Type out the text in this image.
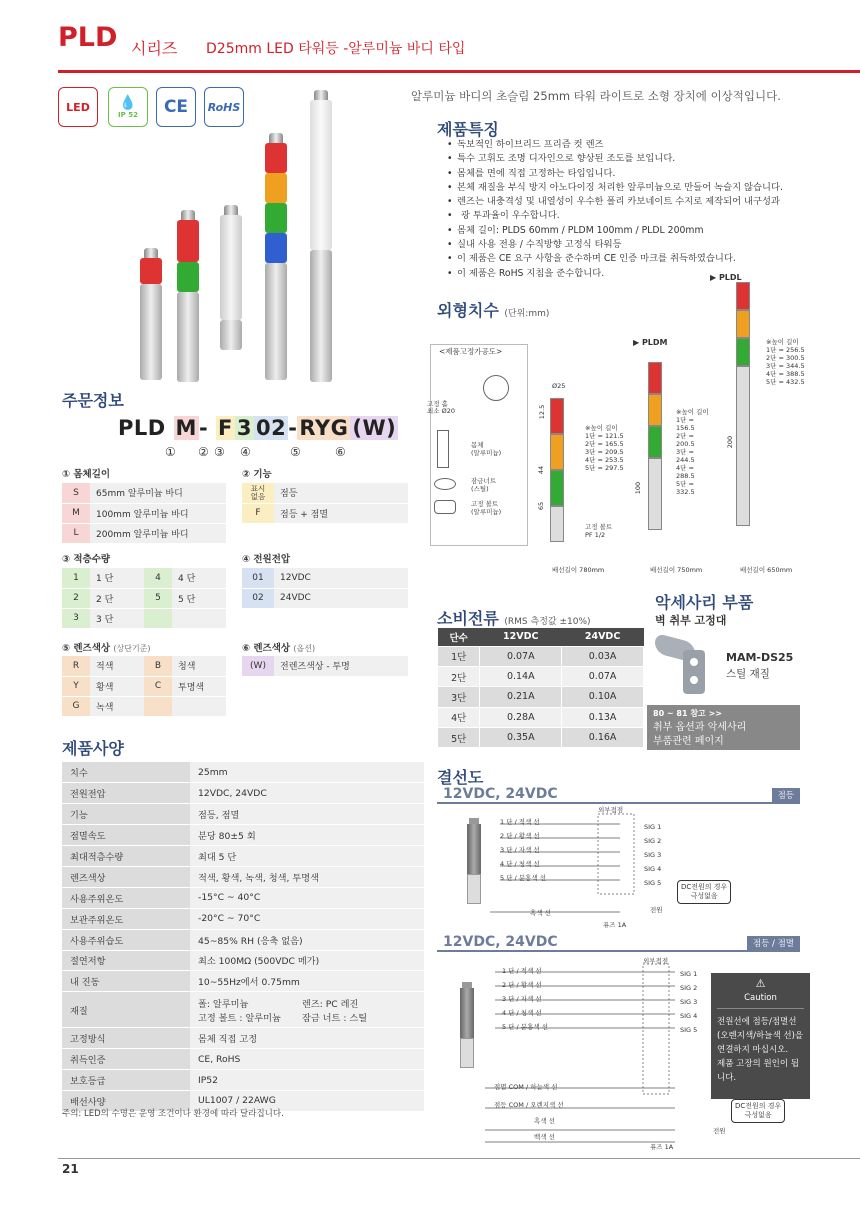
PLD 시리즈 D25mm LED 타워등 -알루미늄 바디 타입
LED 💧
IP 52 CE RoHS
알루미늄 바디의 초슬림 25mm 타워 라이트로 소형 장치에 이상적입니다.
제품특징
• 독보적인 하이브리드 프리즘 컷 렌즈
• 특수 고휘도 조명 디자인으로 향상된 조도를 보입니다.
• 몸체를 면에 직접 고정하는 타입입니다.
• 본체 재질을 부식 방지 아노다이징 처리한 알루미늄으로 만들어 녹슬지 않습니다.
• 렌즈는 내충격성 및 내열성이 우수한 폴리 카보네이트 수지로 제작되어 내구성과
• 광 투과율이 우수합니다.
• 몸체 길이: PLDS 60mm / PLDM 100mm / PLDL 200mm
• 실내 사용 전용 / 수직방향 고정식 타워등
• 이 제품은 CE 요구 사항을 준수하며 CE 인증 마크를 취득하였습니다.
• 이 제품은 RoHS 지침을 준수합니다.
외형치수 (단위:mm)
▶ PLDL
▶ PLDM
<제품고정가공도>
고정 홀
최소 Ø20
몸체
(알루미늄)
잠금너트
(스틸)
고정 볼트
(알루미늄)
Ø25
12.5
44
65
※높이 길이
1단 = 121.5
2단 = 165.5
3단 = 209.5
4단 = 253.5
5단 = 297.5
고정 볼트
PF 1/2
배선길이 780mm
100
※높이 길이
1단 = 156.5
2단 = 200.5
3단 = 244.5
4단 = 288.5
5단 = 332.5
배선길이 750mm
200
※높이 길이
1단 = 256.5
2단 = 300.5
3단 = 344.5
4단 = 388.5
5단 = 432.5
배선길이 650mm
주문정보
PLD M- F 3 02-RYG (W)
① ② ③ ④	⑤	⑥
① 몸체길이
S	65mm 알루미늄 바디
M	100mm 알루미늄 바디
L	200mm 알루미늄 바디
② 기능
표시 없음	점등
F	점등 + 점멸
③ 적층수량
1	1 단	4	4 단
2	2 단	5	5 단
3	3 단		
④ 전원전압
01	12VDC
02	24VDC
⑤ 렌즈색상 (상단기준)
R	적색	B	청색
Y	황색	C	투명색
G	녹색		
⑥ 렌즈색상 (옵션)
(W)	전렌즈색상 - 투명
제품사양
치수	25mm
전원전압	12VDC, 24VDC
기능	점등, 점멸
점멸속도	분당 80±5 회
최대적층수량	최대 5 단
렌즈색상	적색, 황색, 녹색, 청색, 투명색
사용주위온도	-15°C ~ 40°C
보관주위온도	-20°C ~ 70°C
사용주위습도	45~85% RH (응축 없음)
절연저항	최소 100MΩ (500VDC 메가)
내 진동	10~55Hz에서 0.75mm
재질	폴: 알루미늄 렌즈: PC 레진
고정 볼트 : 알루미늄 잠금 너트 : 스틸

고정방식	몸체 직접 고정
취득인증	CE, RoHS
보호등급	IP52
배선사양	UL1007 / 22AWG
주의: LED의 수명은 운영 조건이나 환경에 따라 달라집니다.
소비전류 (RMS 측정값 ±10%)
단수	12VDC	24VDC
1단	0.07A	0.03A
2단	0.14A	0.07A
3단	0.21A	0.10A
4단	0.28A	0.13A
5단	0.35A	0.16A
악세사리 부품
벽 취부 고정대
MAM-DS25
스틸 재질
80 ~ 81 참고 >>
취부 옵션과 악세사리
부품관련 페이지
결선도
12VDC, 24VDC	점등
1 단 / 적색 선
2 단 / 황색 선
3 단 / 자색 선
4 단 / 청색 선
5 단 / 분홍색 선
외부접점
SIG 1
SIG 2
SIG 3
SIG 4
SIG 5
흑색 선	전원
퓨즈 1A
DC전원의 경우
극성없음
12VDC, 24VDC	점등 / 점멸
1 단 / 적색 선
2 단 / 황색 선
3 단 / 자색 선
4 단 / 청색 선
5 단 / 분홍색 선
외부접점
SIG 1
SIG 2
SIG 3
SIG 4
SIG 5
점멸 COM / 하늘색 선
점등 COM / 오렌지색 선
흑색 선
백색 선
전원
퓨즈 1A
DC전원의 경우
극성없음
⚠
Caution
전원선에 점등/점멸선
(오렌지색/하늘색 선)을
연결하지 마십시오.
제품 고장의 원인이 됩니다.
21
